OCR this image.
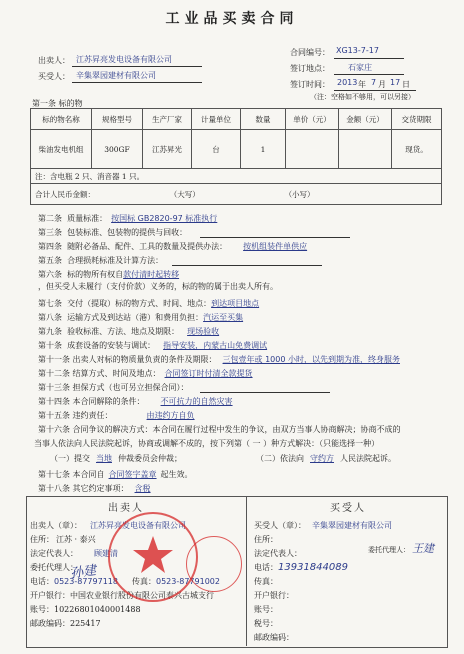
工业品买卖合同
出卖人： 江苏昇亮发电设备有限公司
买受人： 辛集翠园建材有限公司
合同编号： XG13-7-17
签订地点： 石家庄
签订时间： 2013 年 7 月 17 日
（注：空格如不够用，可以另接）
第一条 标的物
标的物名称	规格型号	生产厂家	计量单位	数量	单价（元）	金额（元）	交货期限
柴油发电机组	300GF	江苏昇光	台	1			现货。
注：含电瓶 2 只、消音器 1 只。							
合计人民币金额： （大写） （小写）							
第二条 质量标准： 按国标 GB2820-97 标准执行
第三条 包装标准、包装物的提供与回收：
第四条 随附必备品、配件、工具的数量及提供办法： 按机组装件单供应
第五条 合理损耗标准及计算方法：
第六条 标的物所有权自款付清时起转移
，但买受人未履行（支付价款）义务的，标的物的属于出卖人所有。
第七条 交付（提取）标的物方式、时间、地点：到达项目地点
第八条 运输方式及到达站（港）和费用负担：汽运至买集
第九条 验收标准、方法、地点及期限： 现场验收
第十条 成套设备的安装与调试： 指导安装，内蒙古山免费调试
第十一条 出卖人对标的物质量负责的条件及期限： 三包壹年或 1000 小时，以先到期为准，终身服务
第十二条 结算方式、时间及地点： 合同签订时付清全款提货
第十三条 担保方式（也可另立担保合同）：
第十四条 本合同解除的条件： 不可抗力的自然灾害
第十五条 违约责任：	由违约方自负
第十六条 合同争议的解决方式：本合同在履行过程中发生的争议，由双方当事人协商解决；协商不成的
当事人依法向人民法院起诉，协商或调解不成的，按下列第（ 一 ）种方式解决：（只能选择一种）
（一）提交 当地 仲裁委员会仲裁；	（二）依法向 守约方 人民法院起诉。
第十七条 本合同自 合同签字盖章 起生效。
第十八条 其它约定事项： 含税
出卖人
出卖人（章）： 江苏昇亮发电设备有限公司
住所： 江苏 · 泰兴
法定代表人： 顾建清
委托代理人：
电话：0523-87797118 传真：0523-87791002
开户银行：中国农业银行股份有限公司泰兴古城支行
账号：10226801040001488
邮政编码：225417
孙建
买受人
买受人（章）： 辛集翠园建材有限公司
住所：
法定代表人：	委托代理人： 王建
电话：13931844089
传真：
开户银行：
账号：
税号：
邮政编码：
